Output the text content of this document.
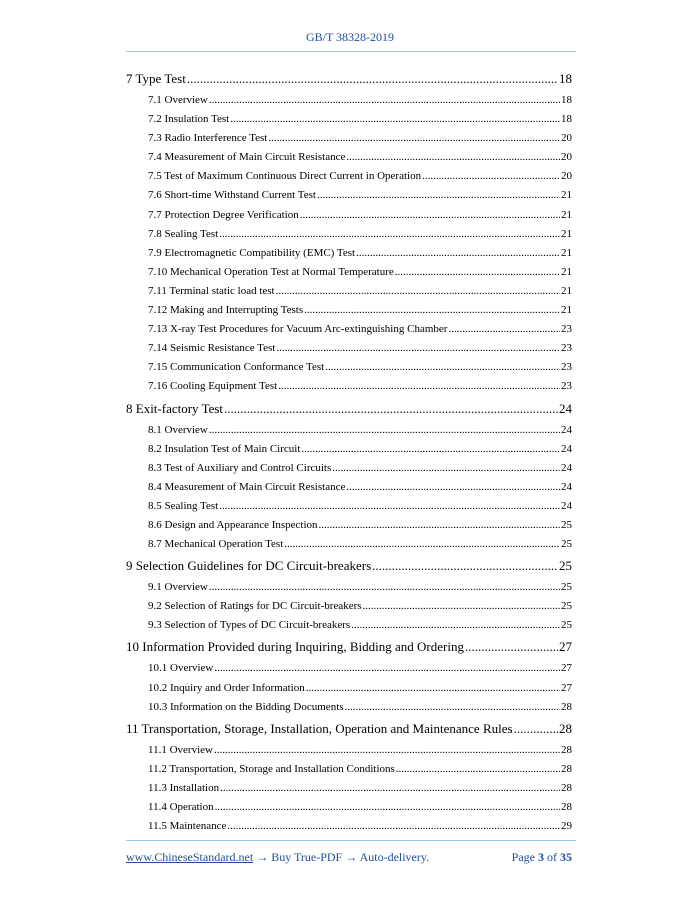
GB/T 38328-2019
7 Type Test .....	18
7.1 Overview .....	18
7.2 Insulation Test .....	18
7.3 Radio Interference Test .....	20
7.4 Measurement of Main Circuit Resistance .....	20
7.5 Test of Maximum Continuous Direct Current in Operation .....	20
7.6 Short-time Withstand Current Test .....	21
7.7 Protection Degree Verification .....	21
7.8 Sealing Test .....	21
7.9 Electromagnetic Compatibility (EMC) Test .....	21
7.10 Mechanical Operation Test at Normal Temperature .....	21
7.11 Terminal static load test .....	21
7.12 Making and Interrupting Tests .....	21
7.13 X-ray Test Procedures for Vacuum Arc-extinguishing Chamber .....	23
7.14 Seismic Resistance Test .....	23
7.15 Communication Conformance Test .....	23
7.16 Cooling Equipment Test .....	23
8 Exit-factory Test .....	24
8.1 Overview .....	24
8.2 Insulation Test of Main Circuit .....	24
8.3 Test of Auxiliary and Control Circuits .....	24
8.4 Measurement of Main Circuit Resistance .....	24
8.5 Sealing Test .....	24
8.6 Design and Appearance Inspection .....	25
8.7 Mechanical Operation Test .....	25
9 Selection Guidelines for DC Circuit-breakers .....	25
9.1 Overview .....	25
9.2 Selection of Ratings for DC Circuit-breakers .....	25
9.3 Selection of Types of DC Circuit-breakers .....	25
10 Information Provided during Inquiring, Bidding and Ordering .....	27
10.1 Overview .....	27
10.2 Inquiry and Order Information .....	27
10.3 Information on the Bidding Documents .....	28
11 Transportation, Storage, Installation, Operation and Maintenance Rules .....	28
11.1 Overview .....	28
11.2 Transportation, Storage and Installation Conditions .....	28
11.3 Installation .....	28
11.4 Operation .....	28
11.5 Maintenance .....	29
www.ChineseStandard.net → Buy True-PDF → Auto-delivery.	Page 3 of 35
